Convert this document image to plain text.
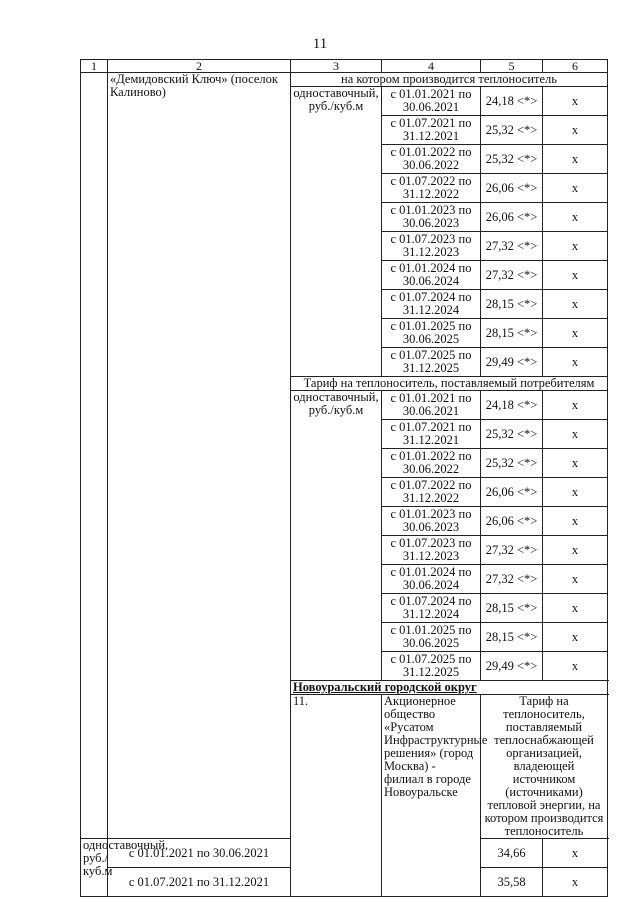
11
1	2	3	4	5	6
	«Демидовский Ключ» (поселок Калиново)	на котором производится теплоноситель			
		одноставочный, руб./куб.м	с 01.01.2021 по 30.06.2021	24,18 <*>	x
			с 01.07.2021 по 31.12.2021	25,32 <*>	x
			с 01.01.2022 по 30.06.2022	25,32 <*>	x
			с 01.07.2022 по 31.12.2022	26,06 <*>	x
			с 01.01.2023 по 30.06.2023	26,06 <*>	x
			с 01.07.2023 по 31.12.2023	27,32 <*>	x
			с 01.01.2024 по 30.06.2024	27,32 <*>	x
			с 01.07.2024 по 31.12.2024	28,15 <*>	x
			с 01.01.2025 по 30.06.2025	28,15 <*>	x
			с 01.07.2025 по 31.12.2025	29,49 <*>	x
		Тариф на теплоноситель, поставляемый потребителям			
		одноставочный, руб./куб.м	с 01.01.2021 по 30.06.2021	24,18 <*>	x
			с 01.07.2021 по 31.12.2021	25,32 <*>	x
			с 01.01.2022 по 30.06.2022	25,32 <*>	x
			с 01.07.2022 по 31.12.2022	26,06 <*>	x
			с 01.01.2023 по 30.06.2023	26,06 <*>	x
			с 01.07.2023 по 31.12.2023	27,32 <*>	x
			с 01.01.2024 по 30.06.2024	27,32 <*>	x
			с 01.07.2024 по 31.12.2024	28,15 <*>	x
			с 01.01.2025 по 30.06.2025	28,15 <*>	x
			с 01.07.2025 по 31.12.2025	29,49 <*>	x
		Новоуральский городской округ			
		11.	Акционерное общество «Русатом Инфраструктурные решения» (город Москва) - филиал в городе Новоуральске	Тариф на теплоноситель, поставляемый теплоснабжающей организацией, владеющей источником (источниками) тепловой энергии, на котором производится теплоноситель	
одноставочный, руб./куб.м	с 01.01.2021 по 30.06.2021			34,66	x
	с 01.07.2021 по 31.12.2021			35,58	x
